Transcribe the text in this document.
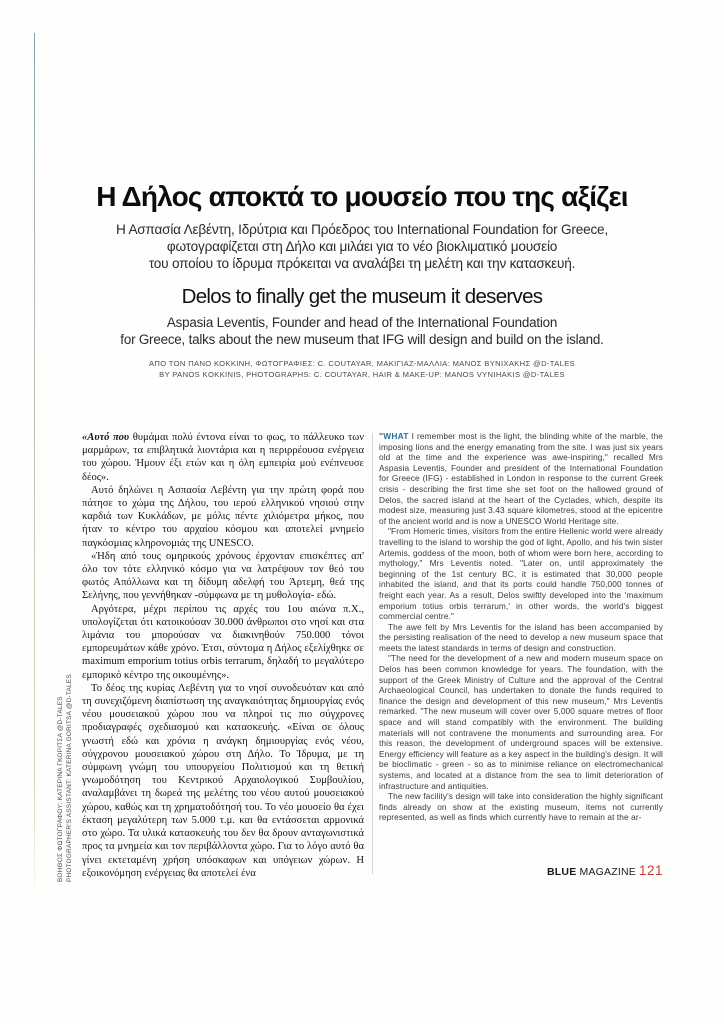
ΒΟΗΘΟΣ ΦΩΤΟΓΡΑΦΟΥ: ΚΑΤΕΡΙΝΑ ΓΚΟΡΙΤΣΑ @D-TALES PHOTOGRAPHER'S ASSISTANT: KATERINA GORITSA @D-TALES
Η Δήλος αποκτά το μουσείο που της αξίζει
Η Ασπασία Λεβέντη, Ιδρύτρια και Πρόεδρος του International Foundation for Greece,
φωτογραφίζεται στη Δήλο και μιλάει για το νέο βιοκλιματικό μουσείο
του οποίου το ίδρυμα πρόκειται να αναλάβει τη μελέτη και την κατασκευή.
Delos to finally get the museum it deserves
Aspasia Leventis, Founder and head of the International Foundation
for Greece, talks about the new museum that IFG will design and build on the island.
ΑΠΟ ΤΟΝ ΠΑΝΟ ΚΟΚΚΙΝΗ, ΦΩΤΟΓΡΑΦΙΕΣ: C. COUTAYAR, ΜΑΚΙΓΙΑΖ-ΜΑΛΛΙΑ: ΜΑΝΟΣ ΒΥΝΙΧΑΚΗΣ @D-TALES
BY PANOS KOKKINIS, PHOTOGRAPHS: C. COUTAYAR, HAIR & MAKE-UP: MANOS VYNIHAKIS @D-TALES

«Αυτό που θυμάμαι πολύ έντονα είναι το φως, το πάλλευκο των μαρμάρων, τα επιβλητικά λιοντάρια και η περιρρέουσα ενέργεια του χώρου. Ήμουν έξι ετών και η όλη εμπειρία μού ενέπνευσε δέος».

Αυτό δηλώνει η Ασπασία Λεβέντη για την πρώτη φορά που πάτησε το χώμα της Δήλου, του ιερού ελληνικού νησιού στην καρδιά των Κυκλάδων, με μόλις πέντε χιλιόμετρα μήκος, που ήταν το κέντρο του αρχαίου κόσμου και αποτελεί μνημείο παγκόσμιας κληρονομιάς της UNESCO.

«Ήδη από τους ομηρικούς χρόνους έρχονταν επισκέπτες απ' όλο τον τότε ελληνικό κόσμο για να λατρέψουν τον θεό του φωτός Απόλλωνα και τη δίδυμη αδελφή του Άρτεμη, θεά της Σελήνης, που γεννήθηκαν -σύμφωνα με τη μυθολογία- εδώ.

Αργότερα, μέχρι περίπου τις αρχές του 1ου αιώνα π.Χ., υπολογίζεται ότι κατοικούσαν 30.000 άνθρωποι στο νησί και στα λιμάνια του μπορούσαν να διακινηθούν 750.000 τόνοι εμπορευμάτων κάθε χρόνο. Έτσι, σύντομα η Δήλος εξελίχθηκε σε maximum emporium totius orbis terrarum, δηλαδή το μεγαλύτερο εμπορικό κέντρο της οικουμένης».

Το δέος της κυρίας Λεβέντη για το νησί συνοδευόταν και από τη συνεχιζόμενη διαπίστωση της αναγκαιότητας δημιουργίας ενός νέου μουσειακού χώρου που να πληροί τις πιο σύγχρονες προδιαγραφές σχεδιασμού και κατασκευής. «Είναι σε όλους γνωστή εδώ και χρόνια η ανάγκη δημιουργίας ενός νέου, σύγχρονου μουσειακού χώρου στη Δήλο. Το Ίδρυμα, με τη σύμφωνη γνώμη του υπουργείου Πολιτισμού και τη θετική γνωμοδότηση του Κεντρικού Αρχαιολογικού Συμβουλίου, αναλαμβάνει τη δωρεά της μελέτης του νέου αυτού μουσειακού χώρου, καθώς και τη χρηματοδότησή του. Το νέο μουσείο θα έχει έκταση μεγαλύτερη των 5.000 τ.μ. και θα εντάσσεται αρμονικά στο χώρο. Τα υλικά κατασκευής του δεν θα δρουν ανταγωνιστικά προς τα μνημεία και τον περιβάλλοντα χώρο. Για το λόγο αυτό θα γίνει εκτεταμένη χρήση υπόσκαφων και υπόγειων χώρων. Η εξοικονόμηση ενέργειας θα αποτελεί ένα

"WHAT I remember most is the light, the blinding white of the marble, the imposing lions and the energy emanating from the site. I was just six years old at the time and the experience was awe-inspiring," recalled Mrs Aspasia Leventis, Founder and president of the International Foundation for Greece (IFG) - established in London in response to the current Greek crisis - describing the first time she set foot on the hallowed ground of Delos, the sacred island at the heart of the Cyclades, which, despite its modest size, measuring just 3.43 square kilometres, stood at the epicentre of the ancient world and is now a UNESCO World Heritage site.

"From Homeric times, visitors from the entire Hellenic world were already travelling to the island to worship the god of light, Apollo, and his twin sister Artemis, goddess of the moon, both of whom were born here, according to mythology," Mrs Leventis noted. "Later on, until approximately the beginning of the 1st century BC, it is estimated that 30,000 people inhabited the island, and that its ports could handle 750,000 tonnes of freight each year. As a result, Delos swiftly developed into the 'maximum emporium totius orbis terrarum,' in other words, the world's biggest commercial centre."

The awe felt by Mrs Leventis for the island has been accompanied by the persisting realisation of the need to develop a new museum space that meets the latest standards in terms of design and construction.

"The need for the development of a new and modern museum space on Delos has been common knowledge for years. The foundation, with the support of the Greek Ministry of Culture and the approval of the Central Archaeological Council, has undertaken to donate the funds required to finance the design and development of this new museum," Mrs Leventis remarked. "The new museum will cover over 5,000 square metres of floor space and will stand compatibly with the environment. The building materials will not contravene the monuments and surrounding area. For this reason, the development of underground spaces will be extensive. Energy efficiency will feature as a key aspect in the building's design. It will be bioclimatic - green - so as to minimise reliance on electromechanical systems, and located at a distance from the sea to limit deterioration of infrastructure and antiquities.

The new facility's design will take into consideration the highly significant finds already on show at the existing museum, items not currently represented, as well as finds which currently have to remain at the ar-

BLUE MAGAZINE 121
